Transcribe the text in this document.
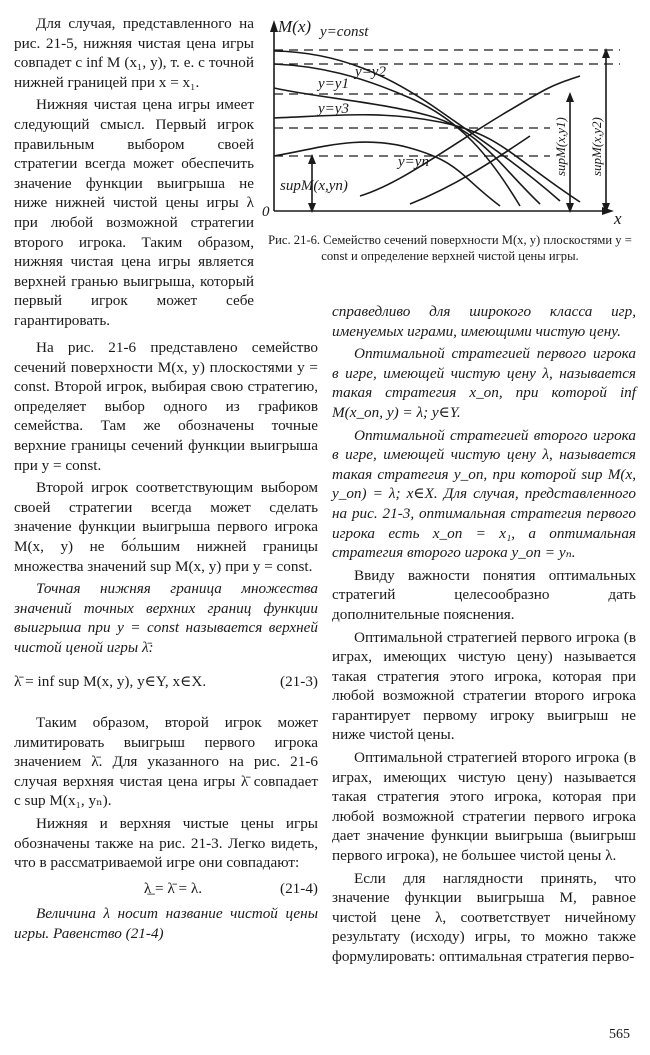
Для случая, представленного на рис. 21-5, нижняя чистая цена игры совпадет с inf M (x₁, y), т. е. с точной нижней границей при x = x₁.

Нижняя чистая цена игры имеет следующий смысл. Первый игрок правильным выбором своей стратегии всегда может обеспечить значение функции выигрыша не ниже нижней чистой цены игры λ при любой возможной стратегии второго игрока. Таким образом, нижняя чистая цена игры является верхней гранью выигрыша, который первый игрок может себе гарантировать.

M(x) y=const
x
0
y=y2
y=y1
y=y3
y=yn
supM(x,yn)
supM(x,y1) supM(x,y2)
Рис. 21-6. Семейство сечений поверхности M(x, y) плоскостями y = const и определение верхней чистой цены игры.

На рис. 21-6 представлено семейство сечений поверхности M(x, y) плоскостями y = const. Второй игрок, выбирая свою стратегию, определяет выбор одного из графиков семейства. Там же обозначены точные верхние границы сечений функции выигрыша при y = const.

Второй игрок соответствующим выбором своей стратегии всегда может сделать значение функции выигрыша первого игрока M(x, y) не бо́льшим нижней границы множества значений sup M(x, y) при y = const.

Точная нижняя граница множества значений точных верхних границ функции выигрыша при y = const называется верхней чистой ценой игры λ̄:

λ̄ = inf sup M(x, y), y∈Y, x∈X.	(21-3)

Таким образом, второй игрок может лимитировать выигрыш первого игрока значением λ̄. Для указанного на рис. 21-6 случая верхняя чистая цена игры λ̄ совпадает с sup M(x₁, yₙ).

Нижняя и верхняя чистые цены игры обозначены также на рис. 21-3. Легко видеть, что в рассматриваемой игре они совпадают:

λ̲ = λ̄ = λ.	(21-4)

Величина λ носит название чистой цены игры. Равенство (21-4)

справедливо для широкого класса игр, именуемых играми, имеющими чистую цену.

Оптимальной стратегией первого игрока в игре, имеющей чистую цену λ, называется такая стратегия x_оп, при которой inf M(x_оп, y) = λ; y∈Y.

Оптимальной стратегией второго игрока в игре, имеющей чистую цену λ, называется такая стратегия y_оп, при которой sup M(x, y_оп) = λ; x∈X. Для случая, представленного на рис. 21-3, оптимальная стратегия первого игрока есть x_оп = x₁, а оптимальная стратегия второго игрока y_оп = yₙ.

Ввиду важности понятия оптимальных стратегий целесообразно дать дополнительные пояснения.

Оптимальной стратегией первого игрока (в играх, имеющих чистую цену) называется такая стратегия этого игрока, которая при любой возможной стратегии второго игрока гарантирует первому игроку выигрыш не ниже чистой цены.

Оптимальной стратегией второго игрока (в играх, имеющих чистую цену) называется такая стратегия этого игрока, которая при любой возможной стратегии первого игрока дает значение функции выигрыша (выигрыш первого игрока), не большее чистой цены λ.

Если для наглядности принять, что значение функции выигрыша M, равное чистой цене λ, соответствует ничейному результату (исходу) игры, то можно также формулировать: оптимальная стратегия перво-

565
